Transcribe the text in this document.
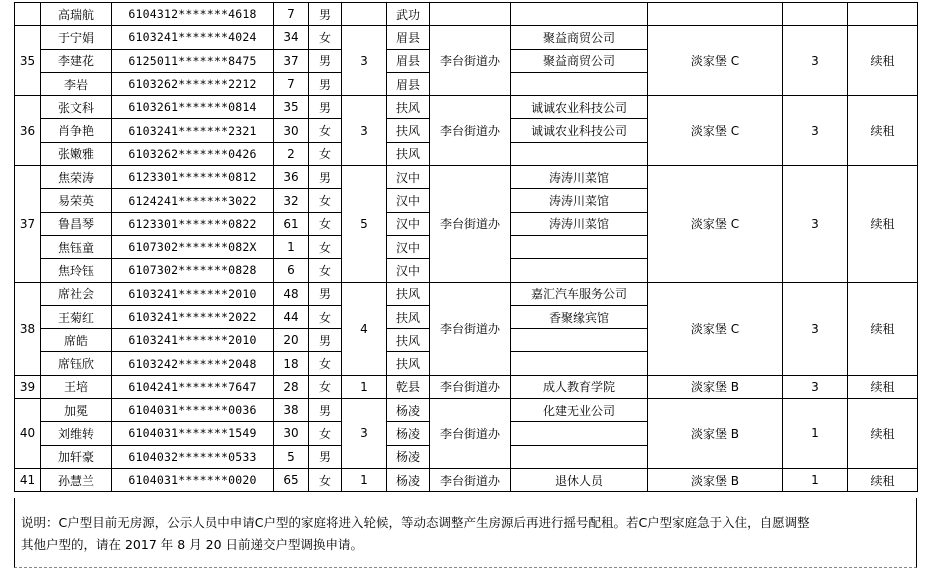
	高瑞航	6104312*******4618	7	男		武功					
35	于宁娟	6103241*******4024	34	女	3	眉县	李台街道办	聚益商贸公司	淡家堡 C	3	续租
	李建花	6125011*******8475	37	男		眉县		聚益商贸公司			
	李岩	6103262*******2212	7	男		眉县					
36	张文科	6103261*******0814	35	男	3	扶风	李台街道办	诚诚农业科技公司	淡家堡 C	3	续租
	肖争艳	6103241*******2321	30	女		扶风		诚诚农业科技公司			
	张嫩雅	6103262*******0426	2	女		扶风					
37	焦荣涛	6123301*******0812	36	男	5	汉中	李台街道办	涛涛川菜馆	淡家堡 C	3	续租
	易荣英	6124241*******3022	32	女		汉中		涛涛川菜馆			
	鲁昌琴	6123301*******0822	61	女		汉中		涛涛川菜馆			
	焦钰童	6107302*******082X	1	女		汉中					
	焦玲钰	6107302*******0828	6	女		汉中					
38	席社会	6103241*******2010	48	男	4	扶风	李台街道办	嘉汇汽车服务公司	淡家堡 C	3	续租
	王菊红	6103241*******2022	44	女		扶风		香聚缘宾馆			
	席皓	6103241*******2010	20	男		扶风					
	席钰欣	6103242*******2048	18	女		扶风					
39	王培	6104241*******7647	28	女	1	乾县	李台街道办	成人教育学院	淡家堡 B	3	续租
40	加冕	6104031*******0036	38	男	3	杨凌	李台街道办	化建无业公司	淡家堡 B	1	续租
	刘维转	6104031*******1549	30	女		杨凌					
	加轩豪	6104032*******0533	5	男		杨凌					
41	孙慧兰	6104031*******0020	65	女	1	杨凌	李台街道办	退休人员	淡家堡 B	1	续租
说明：C户型目前无房源，公示人员中申请C户型的家庭将进入轮候，等动态调整产生房源后再进行摇号配租。若C户型家庭急于入住，自愿调整
其他户型的，请在 2017 年 8 月 20 日前递交户型调换申请。
